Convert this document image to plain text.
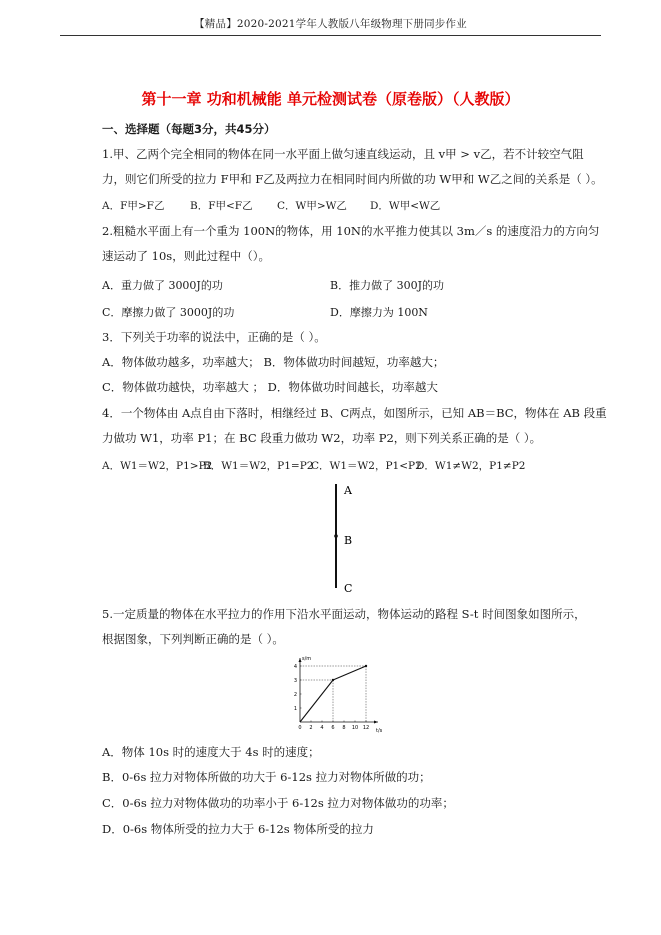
【精品】2020-2021学年人教版八年级物理下册同步作业
第十一章 功和机械能 单元检测试卷（原卷版）（人教版）
一、选择题（每题3分，共45分）
1.甲、乙两个完全相同的物体在同一水平面上做匀速直线运动，且 v甲 > v乙，若不计较空气阻
力，则它们所受的拉力 F甲和 F乙及两拉力在相同时间内所做的功 W甲和 W乙之间的关系是（ ）。
A．F甲>F乙 B．F甲<F乙 C．W甲>W乙 D．W甲<W乙
2.粗糙水平面上有一个重为 100N的物体，用 10N的水平推力使其以 3m／s 的速度沿力的方向匀
速运动了 10s，则此过程中（）。
A．重力做了 3000J的功	B．推力做了 300J的功
C．摩擦力做了 3000J的功	D．摩擦力为 100N
3．下列关于功率的说法中，正确的是（ ）。
A．物体做功越多，功率越大； B．物体做功时间越短，功率越大；
C．物体做功越快，功率越大 ； D．物体做功时间越长，功率越大
4．一个物体由 A点自由下落时，相继经过 B、C两点，如图所示，已知 AB＝BC，物体在 AB 段重
力做功 W1，功率 P1；在 BC 段重力做功 W2，功率 P2，则下列关系正确的是（ ）。
A．W1＝W2，P1>P2
B．W1＝W2，P1=P2
C．W1＝W2，P1<P2
D．W1≠W2，P1≠P2
A
B
C
5.一定质量的物体在水平拉力的作用下沿水平面运动，物体运动的路程 S-t 时间图象如图所示，
根据图象，下列判断正确的是（ ）。
s/m
t/s
0 2 4 6 8 10 12
1
2
3
4
A．物体 10s 时的速度大于 4s 时的速度；
B．0-6s 拉力对物体所做的功大于 6-12s 拉力对物体所做的功；
C．0-6s 拉力对物体做功的功率小于 6-12s 拉力对物体做功的功率；
D．0-6s 物体所受的拉力大于 6-12s 物体所受的拉力
